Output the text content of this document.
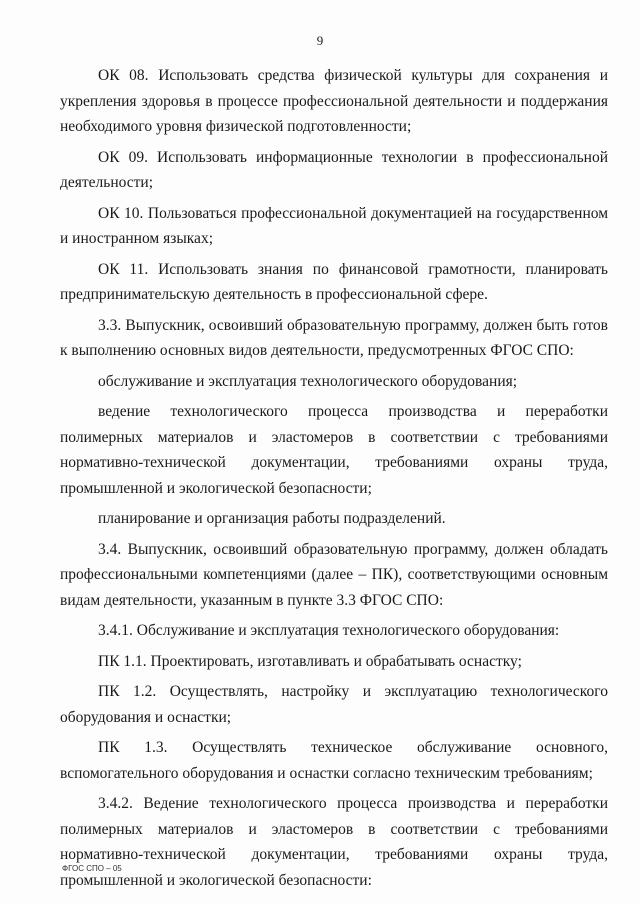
9

ОК 08. Использовать средства физической культуры для сохранения и укрепления здоровья в процессе профессиональной деятельности и поддержания необходимого уровня физической подготовленности;

ОК 09. Использовать информационные технологии в профессиональной деятельности;

ОК 10. Пользоваться профессиональной документацией на государственном и иностранном языках;

ОК 11. Использовать знания по финансовой грамотности, планировать предпринимательскую деятельность в профессиональной сфере.

3.3. Выпускник, освоивший образовательную программу, должен быть готов к выполнению основных видов деятельности, предусмотренных ФГОС СПО:

обслуживание и эксплуатация технологического оборудования;

ведение технологического процесса производства и переработки полимерных материалов и эластомеров в соответствии с требованиями нормативно-технической документации, требованиями охраны труда, промышленной и экологической безопасности;

планирование и организация работы подразделений.

3.4. Выпускник, освоивший образовательную программу, должен обладать профессиональными компетенциями (далее – ПК), соответствующими основным видам деятельности, указанным в пункте 3.3 ФГОС СПО:

3.4.1. Обслуживание и эксплуатация технологического оборудования:

ПК 1.1. Проектировать, изготавливать и обрабатывать оснастку;

ПК 1.2. Осуществлять, настройку и эксплуатацию технологического оборудования и оснастки;

ПК 1.3. Осуществлять техническое обслуживание основного, вспомогательного оборудования и оснастки согласно техническим требованиям;

3.4.2. Ведение технологического процесса производства и переработки полимерных материалов и эластомеров в соответствии с требованиями нормативно-технической документации, требованиями охраны труда, промышленной и экологической безопасности:

ФГОС СПО – 05
